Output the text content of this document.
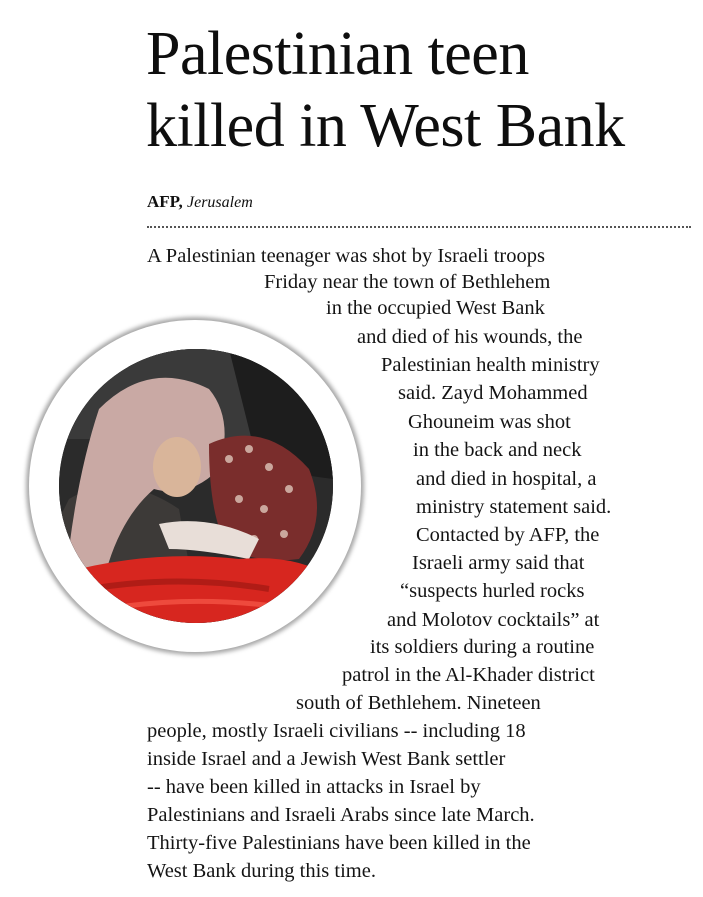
Palestinian teen
killed in West Bank
AFP, Jerusalem
A Palestinian teenager was shot by Israeli troops
Friday near the town of Bethlehem
in the occupied West Bank
and died of his wounds, the
Palestinian health ministry
said. Zayd Mohammed
Ghouneim was shot
in the back and neck
and died in hospital, a
ministry statement said.
Contacted by AFP, the
Israeli army said that
“suspects hurled rocks
and Molotov cocktails” at
its soldiers during a routine
patrol in the Al-Khader district
south of Bethlehem. Nineteen
people, mostly Israeli civilians -- including 18
inside Israel and a Jewish West Bank settler
-- have been killed in attacks in Israel by
Palestinians and Israeli Arabs since late March.
Thirty-five Palestinians have been killed in the
West Bank during this time.
